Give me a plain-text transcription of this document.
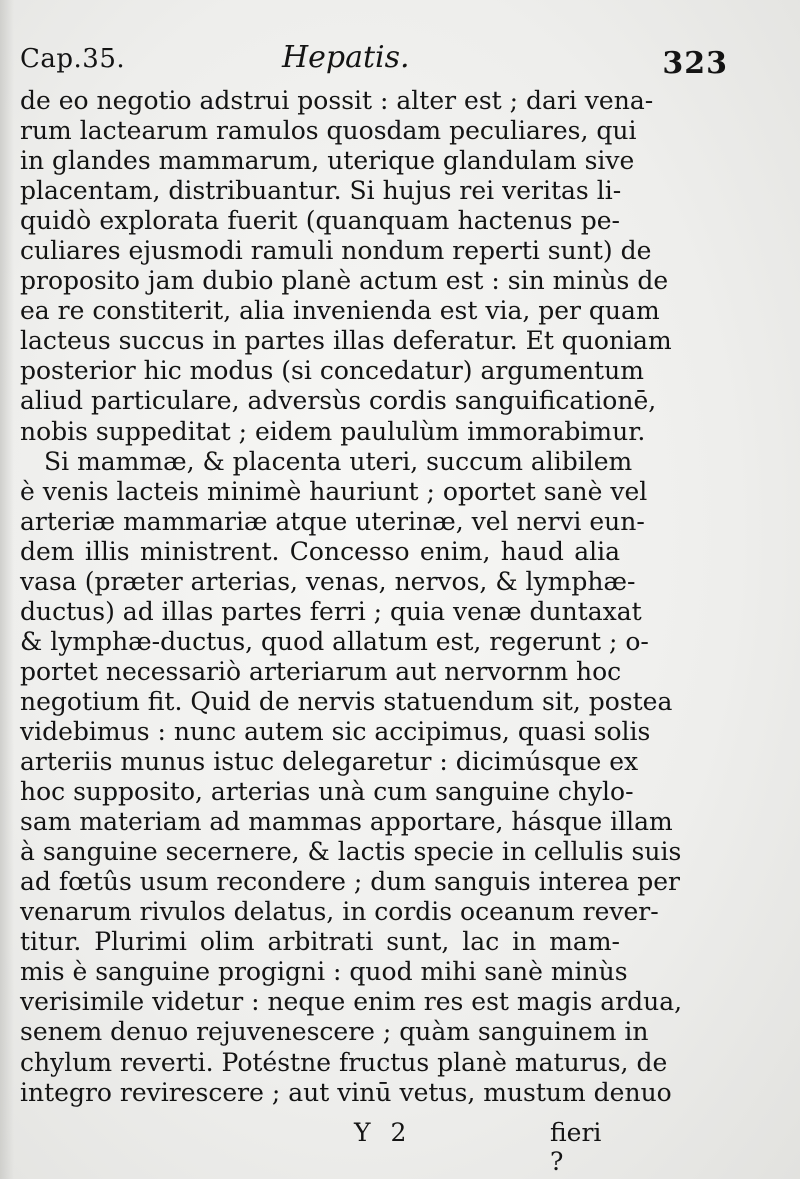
Cap.35.	Hepatis.	323
de eo negotio adstrui possit : alter est ; dari vena-
rum lactearum ramulos quosdam peculiares, qui
in glandes mammarum, uterique glandulam sive
placentam, distribuantur. Si hujus rei veritas li-
quidò explorata fuerit (quanquam hactenus pe-
culiares ejusmodi ramuli nondum reperti sunt) de
proposito jam dubio planè actum est : sin minùs de
ea re constiterit, alia invenienda est via, per quam
lacteus succus in partes illas deferatur. Et quoniam
posterior hic modus (si concedatur) argumentum
aliud particulare, adversùs cordis sanguificationē,
nobis suppeditat ; eidem paululùm immorabimur.
Si mammæ, & placenta uteri, succum alibilem
è venis lacteis minimè hauriunt ; oportet sanè vel
arteriæ mammariæ atque uterinæ, vel nervi eun-
dem illis ministrent. Concesso enim, haud alia
vasa (præter arterias, venas, nervos, & lymphæ-
ductus) ad illas partes ferri ; quia venæ duntaxat
& lymphæ-ductus, quod allatum est, regerunt ; o-
portet necessariò arteriarum aut nervornm hoc
negotium fit. Quid de nervis statuendum sit, postea
videbimus : nunc autem sic accipimus, quasi solis
arteriis munus istuc delegaretur : dicimúsque ex
hoc supposito, arterias unà cum sanguine chylo-
sam materiam ad mammas apportare, hásque illam
à sanguine secernere, & lactis specie in cellulis suis
ad fœtûs usum recondere ; dum sanguis interea per
venarum rivulos delatus, in cordis oceanum rever-
titur. Plurimi olim arbitrati sunt, lac in mam-
mis è sanguine progigni : quod mihi sanè minùs
verisimile videtur : neque enim res est magis ardua,
senem denuo rejuvenescere ; quàm sanguinem in
chylum reverti. Potéstne fructus planè maturus, de
integro revirescere ; aut vinū vetus, mustum denuo
Y 2	fieri ?
